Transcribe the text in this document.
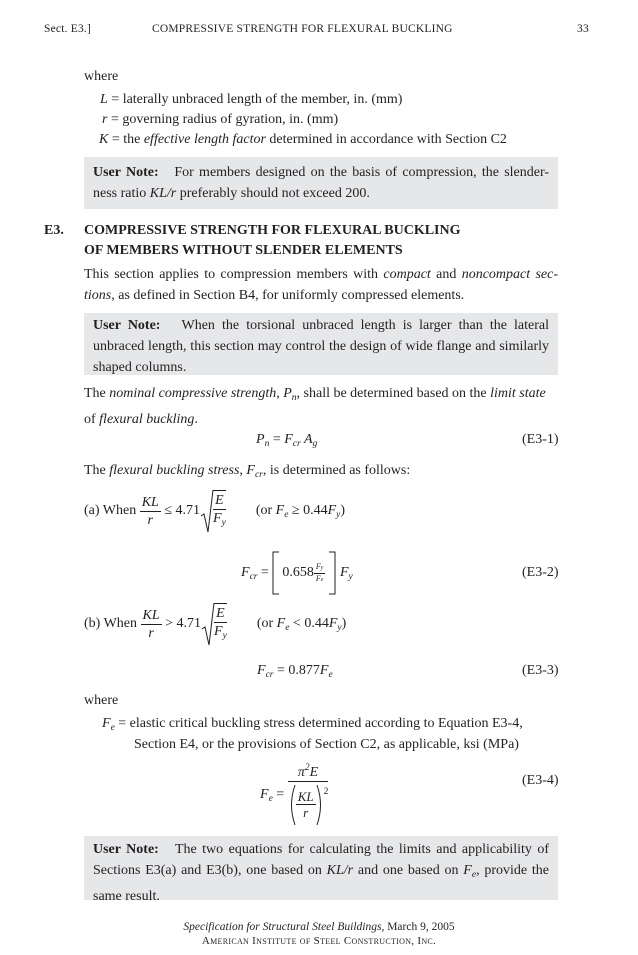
Sect. E3.]	COMPRESSIVE STRENGTH FOR FLEXURAL BUCKLING	33
where
L = laterally unbraced length of the member, in. (mm)
r = governing radius of gyration, in. (mm)
K = the effective length factor determined in accordance with Section C2
User Note: For members designed on the basis of compression, the slender-ness ratio KL/r preferably should not exceed 200.
E3. COMPRESSIVE STRENGTH FOR FLEXURAL BUCKLING
OF MEMBERS WITHOUT SLENDER ELEMENTS
This section applies to compression members with compact and noncompact sec-tions, as defined in Section B4, for uniformly compressed elements.
User Note: When the torsional unbraced length is larger than the lateral unbraced length, this section may control the design of wide flange and similarly shaped columns.
The nominal compressive strength, $P_n$, shall be determined based on the limit state
of flexural buckling.
$P_n = F_{cr}$ $A_g$	(E3-1)
The flexural buckling stress, $F_{cr}$, is determined as follows:
(a) When
$\frac{KL}{r} \le 4.71 \frac{E}{F_y} (or$ $F_e \ge 0.44F_y$)
$F_{cr} = 0.658 \frac{Fy}{Fe}$
$F_y$	(E3-2)
(b) When
$\frac{KL}{r} > 4.71 \frac{E}{F_y} (or$ $F_e < 0.44F_y$)
$F_{cr} = 0.877F_e$	(E3-3)
where
$F_e$ = elastic critical buckling stress determined according to Equation E3-4,
Section E4, or the provisions of Section C2, as applicable, ksi (MPa)
$F_e = \frac{\pi^2E}{\frac{KL}{r} 2}$	(E3-4)
User Note: The two equations for calculating the limits and applicability of Sections E3(a) and E3(b), one based on KL/r and one based on $F_e$, provide the same result.
Specification for Structural Steel Buildings, March 9, 2005
American Institute of Steel Construction, Inc.
